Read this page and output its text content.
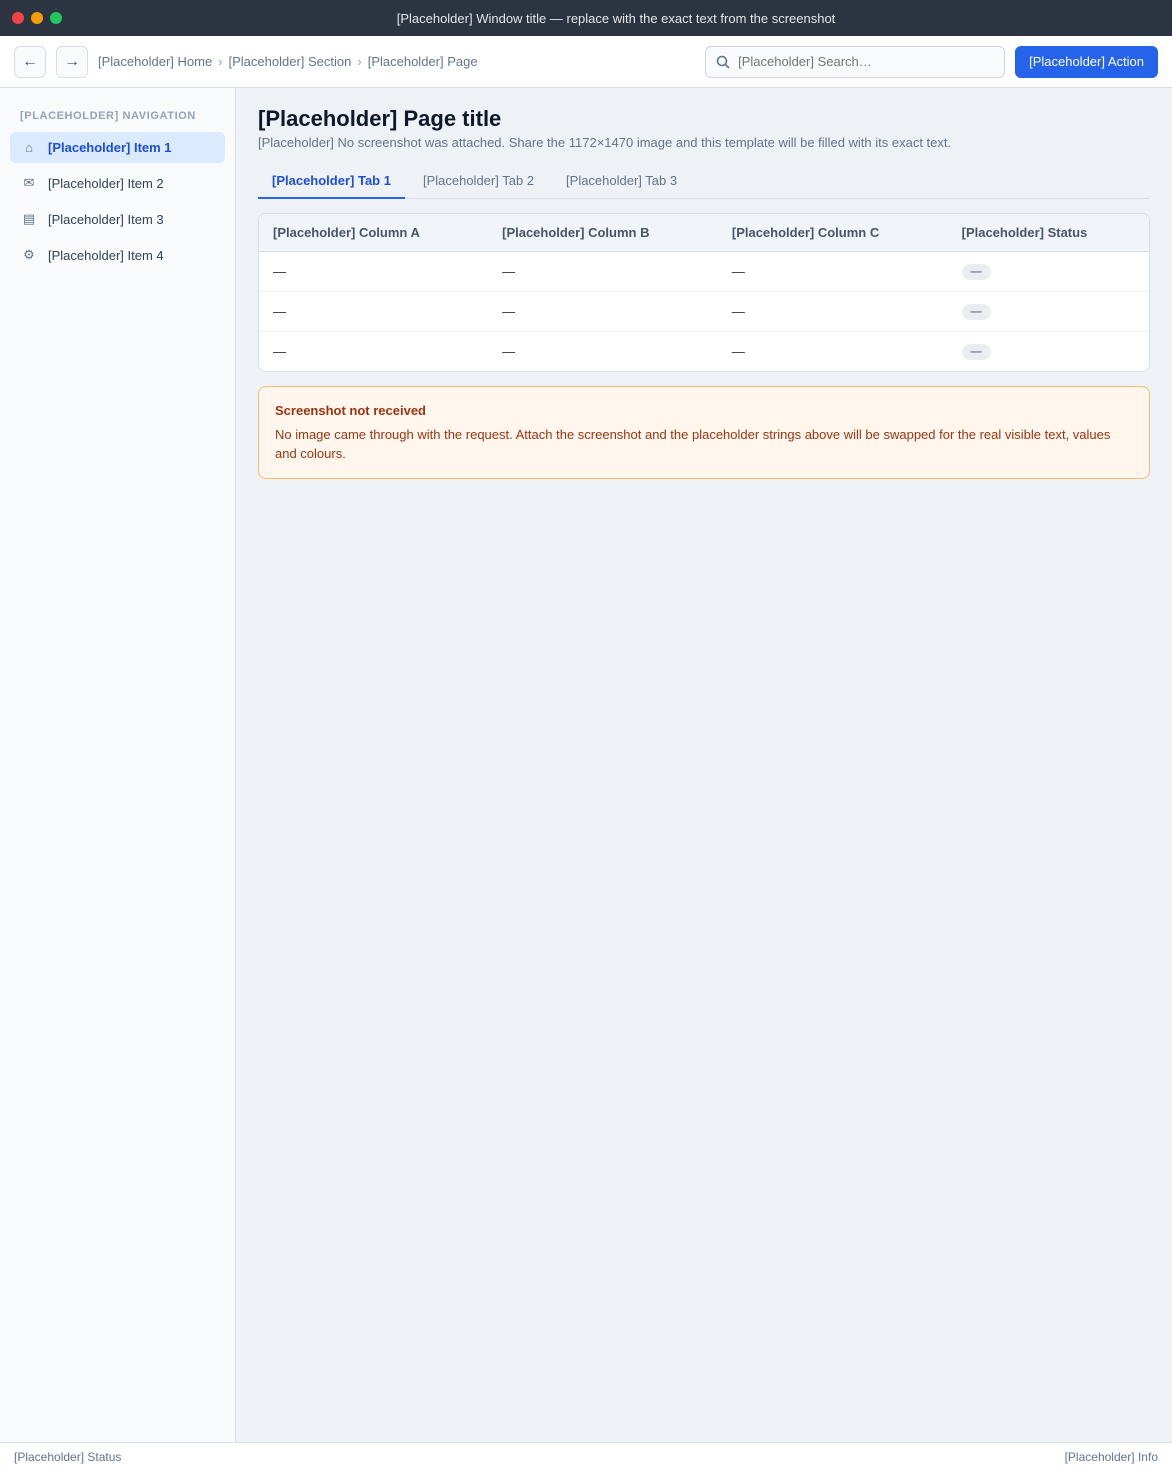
[Placeholder] Window title — replace with the exact text from the screenshot
← → [Placeholder] Home › [Placeholder] Section › [Placeholder] Page
[Placeholder] Search…	[Placeholder] Action
[PLACEHOLDER] NAVIGATION
⌂	[Placeholder] Item 1
✉ [Placeholder] Item 2
▤ [Placeholder] Item 3
⚙ [Placeholder] Item 4
[Placeholder] Page title
[Placeholder] No screenshot was attached. Share the 1172×1470 image and this template will be filled with its exact text.
[Placeholder] Tab 1	[Placeholder] Tab 2	[Placeholder] Tab 3
[Placeholder] Column A	[Placeholder] Column B	[Placeholder] Column C	[Placeholder] Status
—	—	—	—
—	—	—	—
—	—	—	—
Screenshot not received
No image came through with the request. Attach the screenshot and the placeholder strings above will be swapped for the real visible text, values and colours.
[Placeholder] Status	[Placeholder] Info
